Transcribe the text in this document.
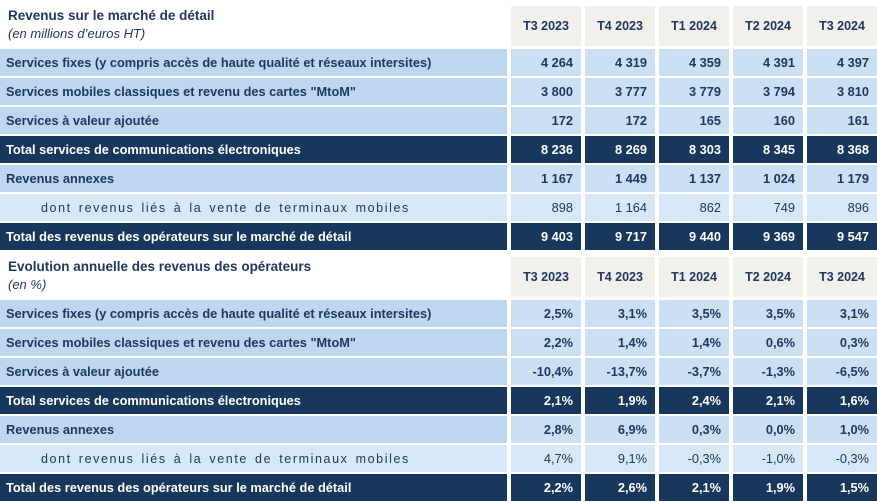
Revenus sur le marché de détail
(en millions d’euros HT)
T3 2023	T4 2023	T1 2024	T2 2024	T3 2024
Services fixes (y compris accès de haute qualité et réseaux intersites)	4 264	4 319	4 359	4 391	4 397
Services mobiles classiques et revenu des cartes "MtoM"	3 800	3 777	3 779	3 794	3 810
Services à valeur ajoutée	172	172	165	160	161
Total services de communications électroniques	8 236	8 269	8 303	8 345	8 368
Revenus annexes	1 167	1 449	1 137	1 024	1 179
dont revenus liés à la vente de terminaux mobiles	898	1 164	862	749	896
Total des revenus des opérateurs sur le marché de détail	9 403	9 717	9 440	9 369	9 547
Evolution annuelle des revenus des opérateurs
(en %)
T3 2023	T4 2023	T1 2024	T2 2024	T3 2024
Services fixes (y compris accès de haute qualité et réseaux intersites)	2,5%	3,1%	3,5%	3,5%	3,1%
Services mobiles classiques et revenu des cartes "MtoM"	2,2%	1,4%	1,4%	0,6%	0,3%
Services à valeur ajoutée	-10,4%	-13,7%	-3,7%	-1,3%	-6,5%
Total services de communications électroniques	2,1%	1,9%	2,4%	2,1%	1,6%
Revenus annexes	2,8%	6,9%	0,3%	0,0%	1,0%
dont revenus liés à la vente de terminaux mobiles	4,7%	9,1%	-0,3%	-1,0%	-0,3%
Total des revenus des opérateurs sur le marché de détail	2,2%	2,6%	2,1%	1,9%	1,5%
